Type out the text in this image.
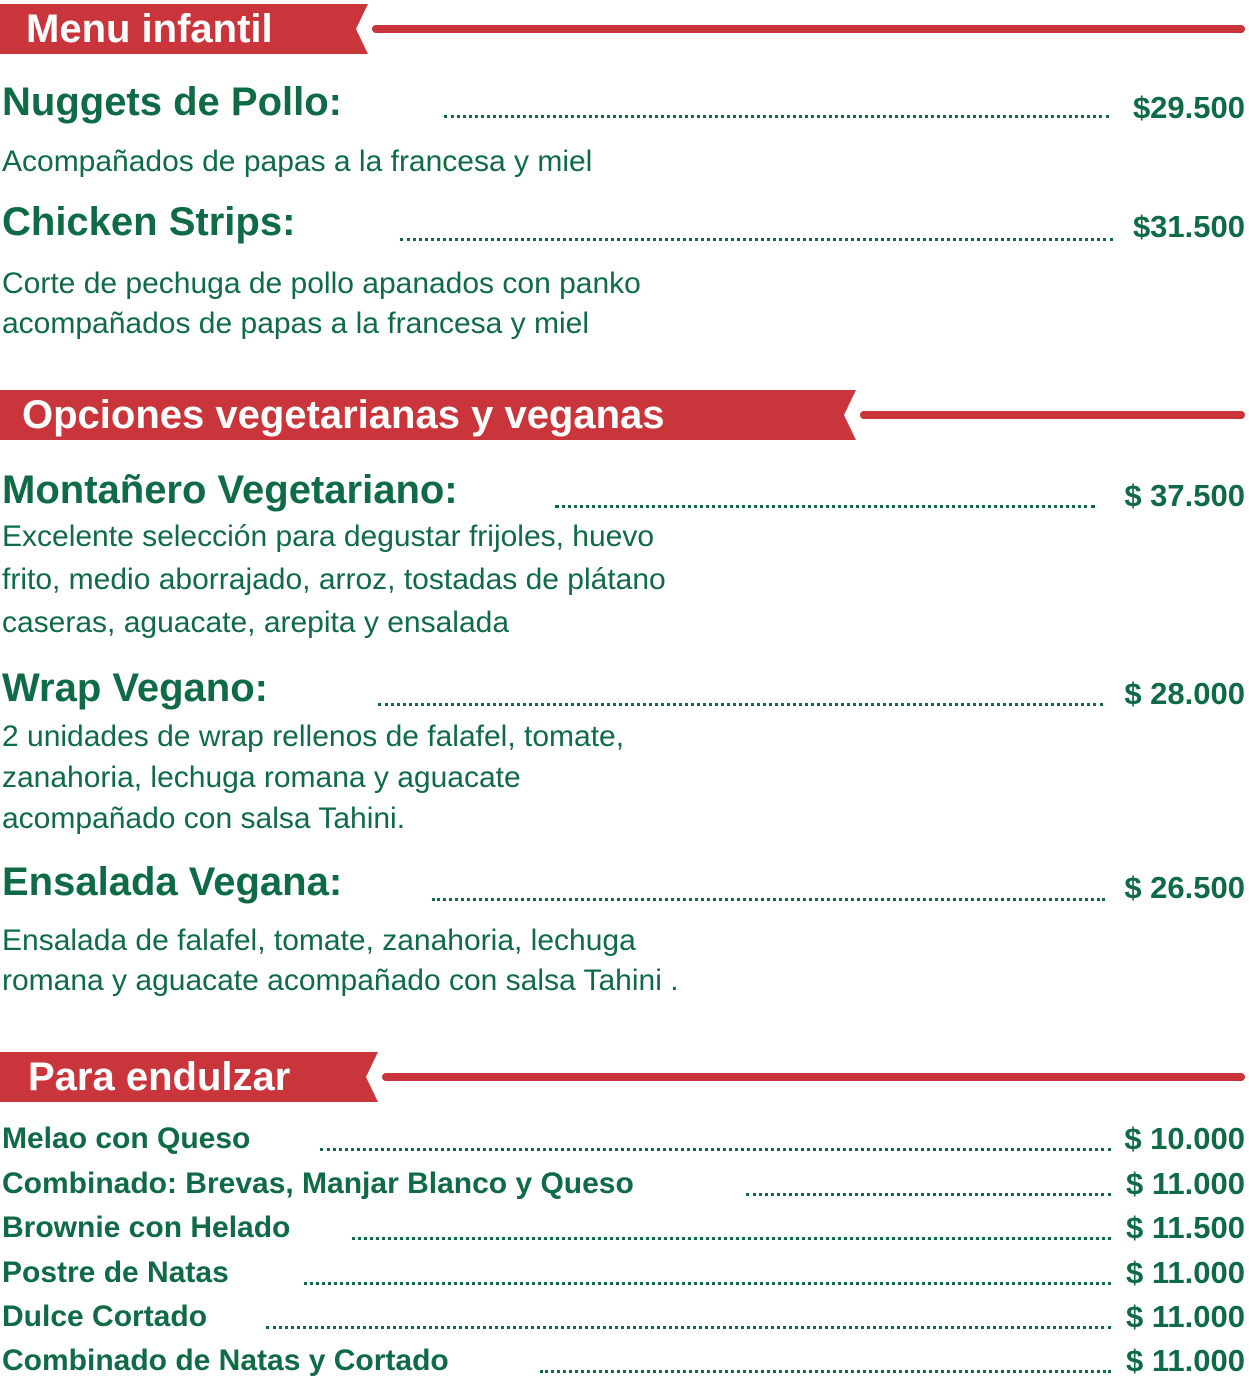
Menu infantil
Nuggets de Pollo:	$29.500
Acompañados de papas a la francesa y miel
Chicken Strips:	$31.500
Corte de pechuga de pollo apanados con panko
acompañados de papas a la francesa y miel
Opciones vegetarianas y veganas
Montañero Vegetariano:	$ 37.500
Excelente selección para degustar frijoles, huevo
frito, medio aborrajado, arroz, tostadas de plátano
caseras, aguacate, arepita y ensalada
Wrap Vegano:	$ 28.000
2 unidades de wrap rellenos de falafel, tomate,
zanahoria, lechuga romana y aguacate
acompañado con salsa Tahini.
Ensalada Vegana:	$ 26.500
Ensalada de falafel, tomate, zanahoria, lechuga
romana y aguacate acompañado con salsa Tahini .
Para endulzar
Melao con Queso	$ 10.000
Combinado: Brevas, Manjar Blanco y Queso	$ 11.000
Brownie con Helado	$ 11.500
Postre de Natas	$ 11.000
Dulce Cortado	$ 11.000
Combinado de Natas y Cortado	$ 11.000
